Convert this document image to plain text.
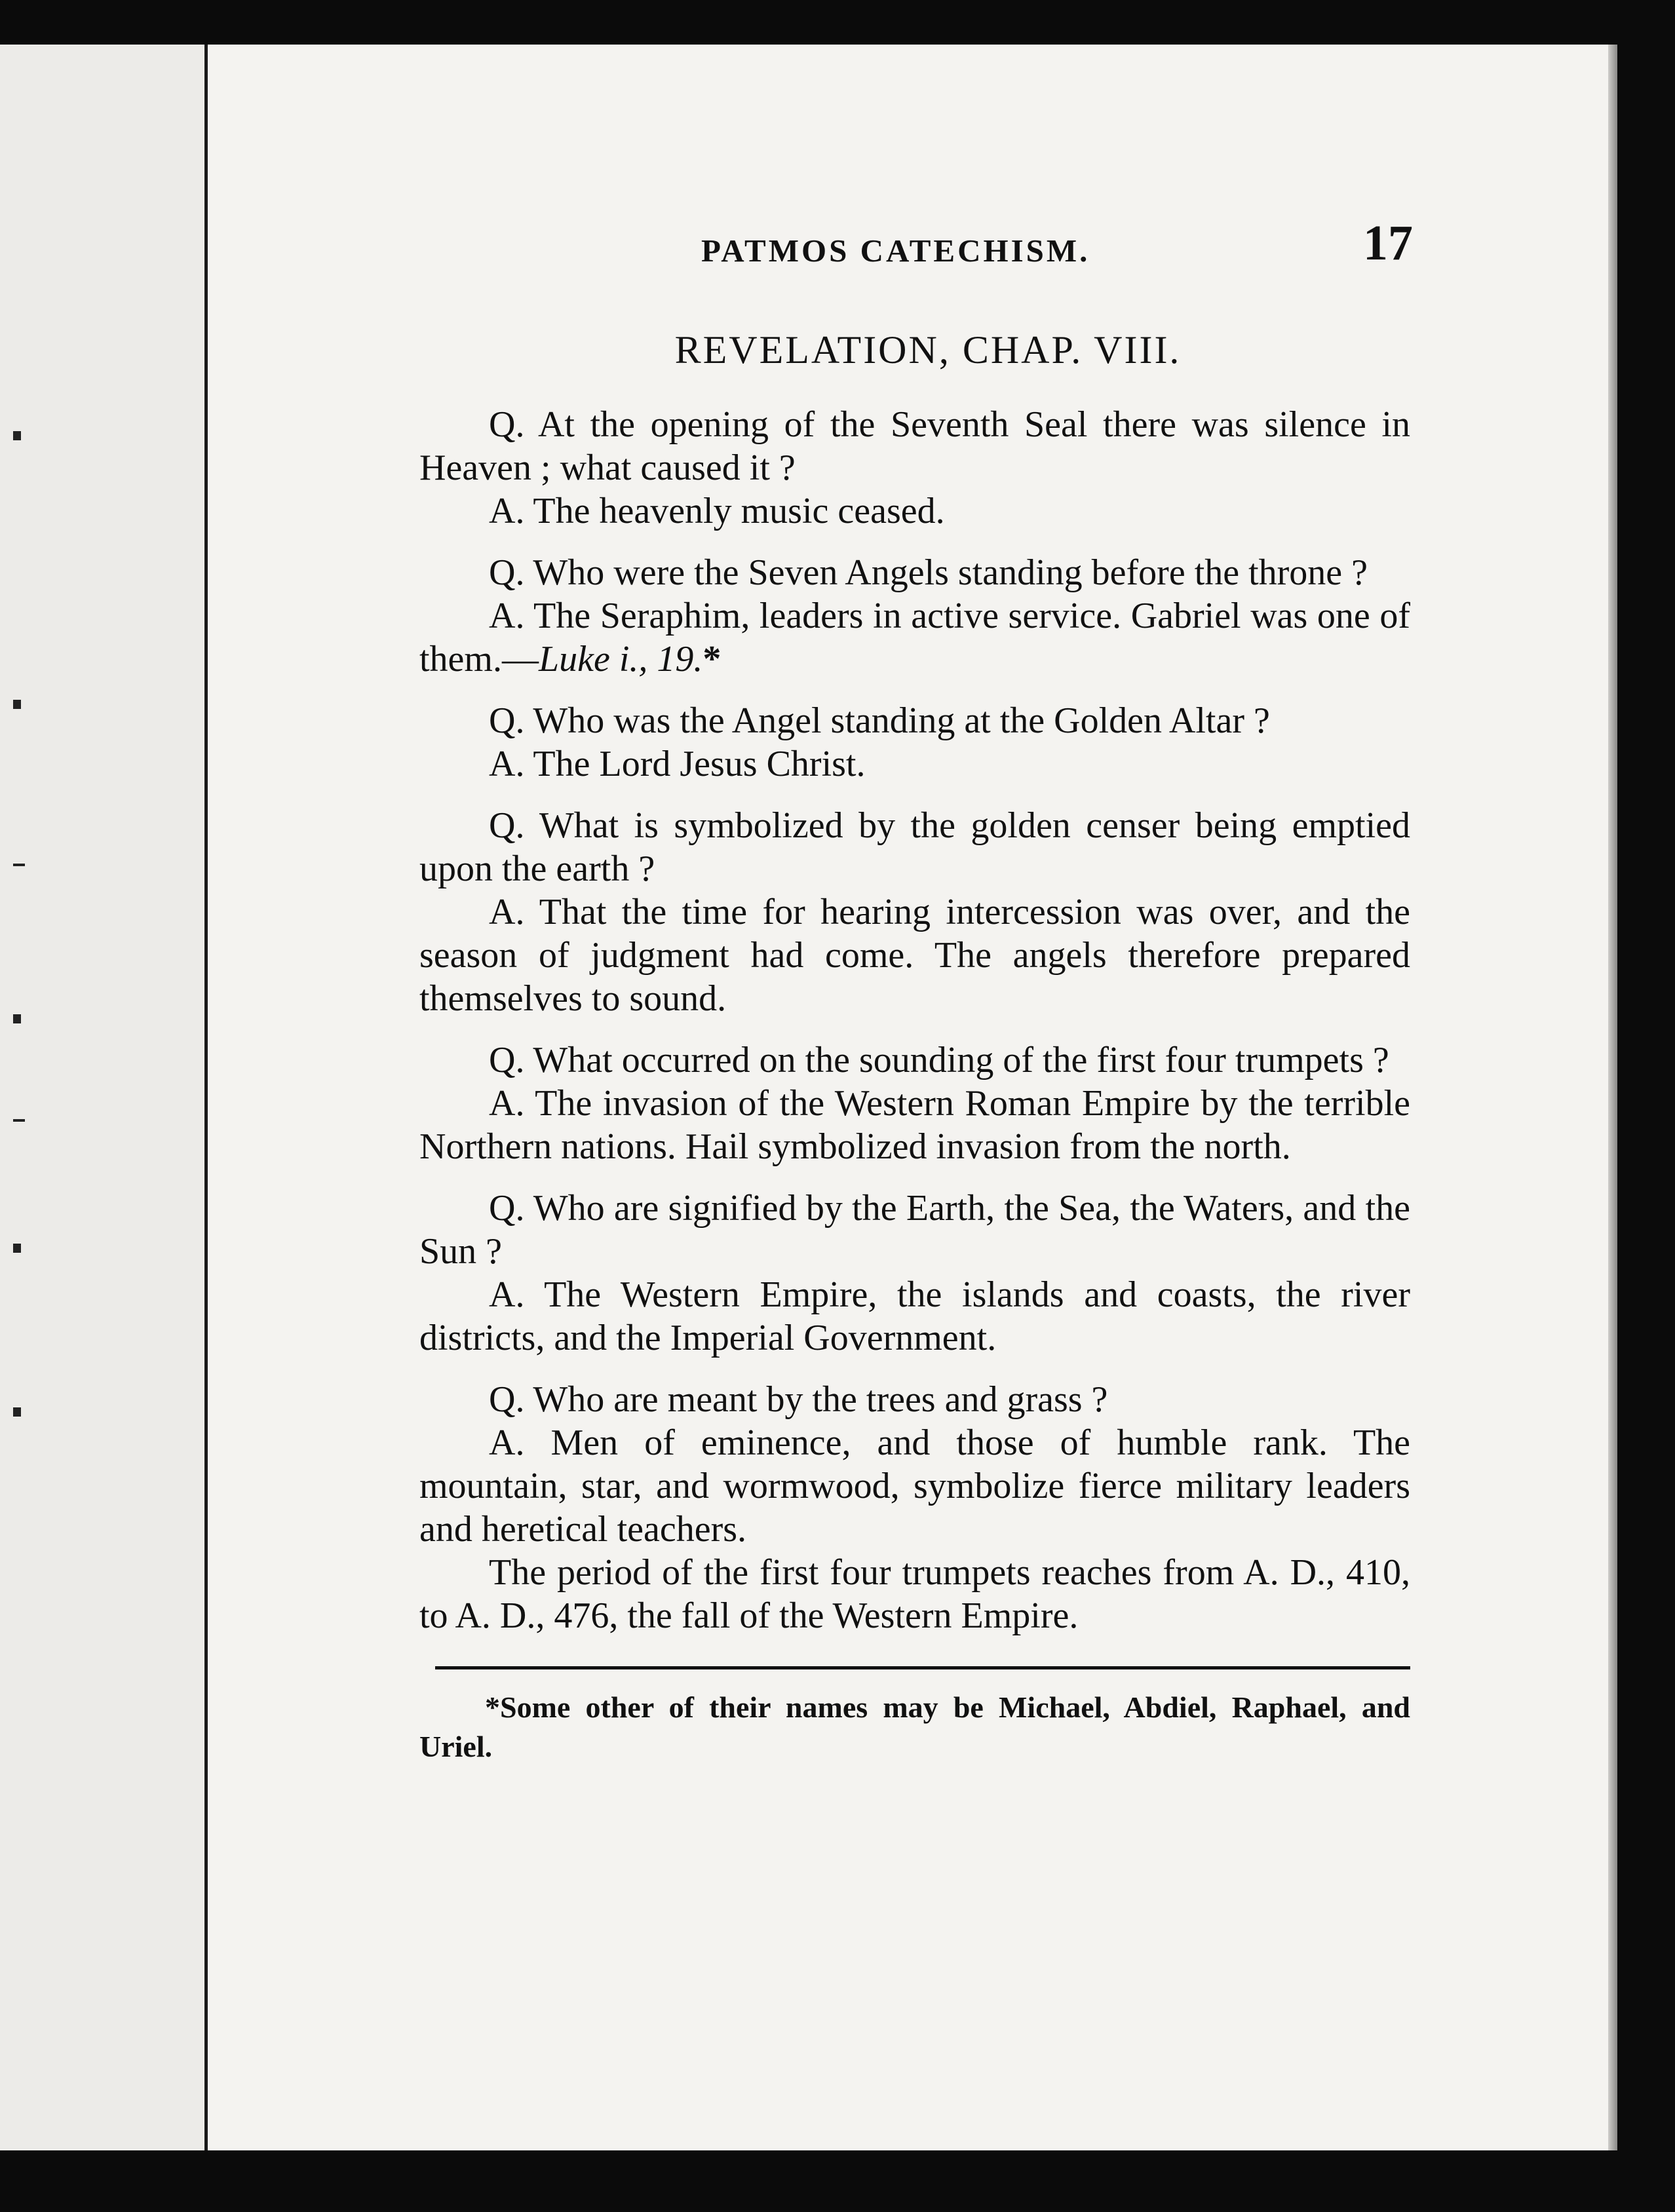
PATMOS CATECHISM.	17
REVELATION, CHAP. VIII.

Q. At the opening of the Seventh Seal there was silence in Heaven ; what caused it ?

A. The heavenly music ceased.

Q. Who were the Seven Angels standing before the throne ?

A. The Seraphim, leaders in active service. Gabriel was one of them.—Luke i., 19.*

Q. Who was the Angel standing at the Golden Altar ?

A. The Lord Jesus Christ.

Q. What is symbolized by the golden censer being emptied upon the earth ?

A. That the time for hearing intercession was over, and the season of judgment had come. The angels therefore prepared themselves to sound.

Q. What occurred on the sounding of the first four trumpets ?

A. The invasion of the Western Roman Empire by the terrible Northern nations. Hail symbolized invasion from the north.

Q. Who are signified by the Earth, the Sea, the Waters, and the Sun ?

A. The Western Empire, the islands and coasts, the river districts, and the Imperial Government.

Q. Who are meant by the trees and grass ?

A. Men of eminence, and those of humble rank. The mountain, star, and wormwood, symbolize fierce military leaders and heretical teachers.

The period of the first four trumpets reaches from A. D., 410, to A. D., 476, the fall of the Western Empire.

*Some other of their names may be Michael, Abdiel, Raphael, and Uriel.
